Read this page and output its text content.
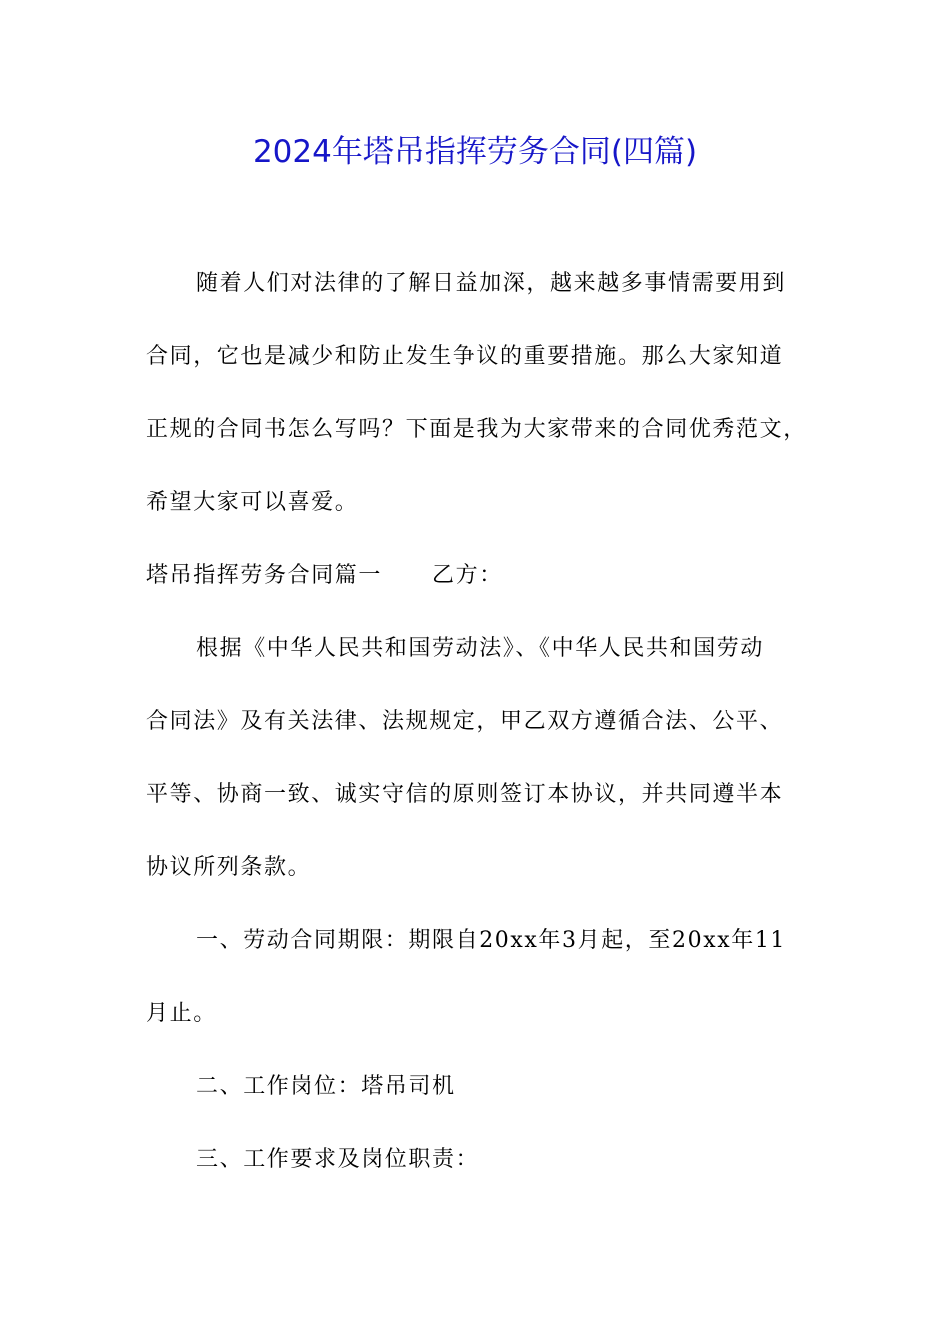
2024年塔吊指挥劳务合同(四篇)

随着人们对法律的了解日益加深，越来越多事情需要用到
合同，它也是减少和防止发生争议的重要措施。那么大家知道
正规的合同书怎么写吗？下面是我为大家带来的合同优秀范文，
希望大家可以喜爱。

塔吊指挥劳务合同篇一 乙方：

根据《中华人民共和国劳动法》、《中华人民共和国劳动
合同法》及有关法律、法规规定，甲乙双方遵循合法、公平、
平等、协商一致、诚实守信的原则签订本协议，并共同遵半本
协议所列条款。

一、劳动合同期限：期限自20xx年3月起，至20xx年11
月止。

二、工作岗位：塔吊司机

三、工作要求及岗位职责：
